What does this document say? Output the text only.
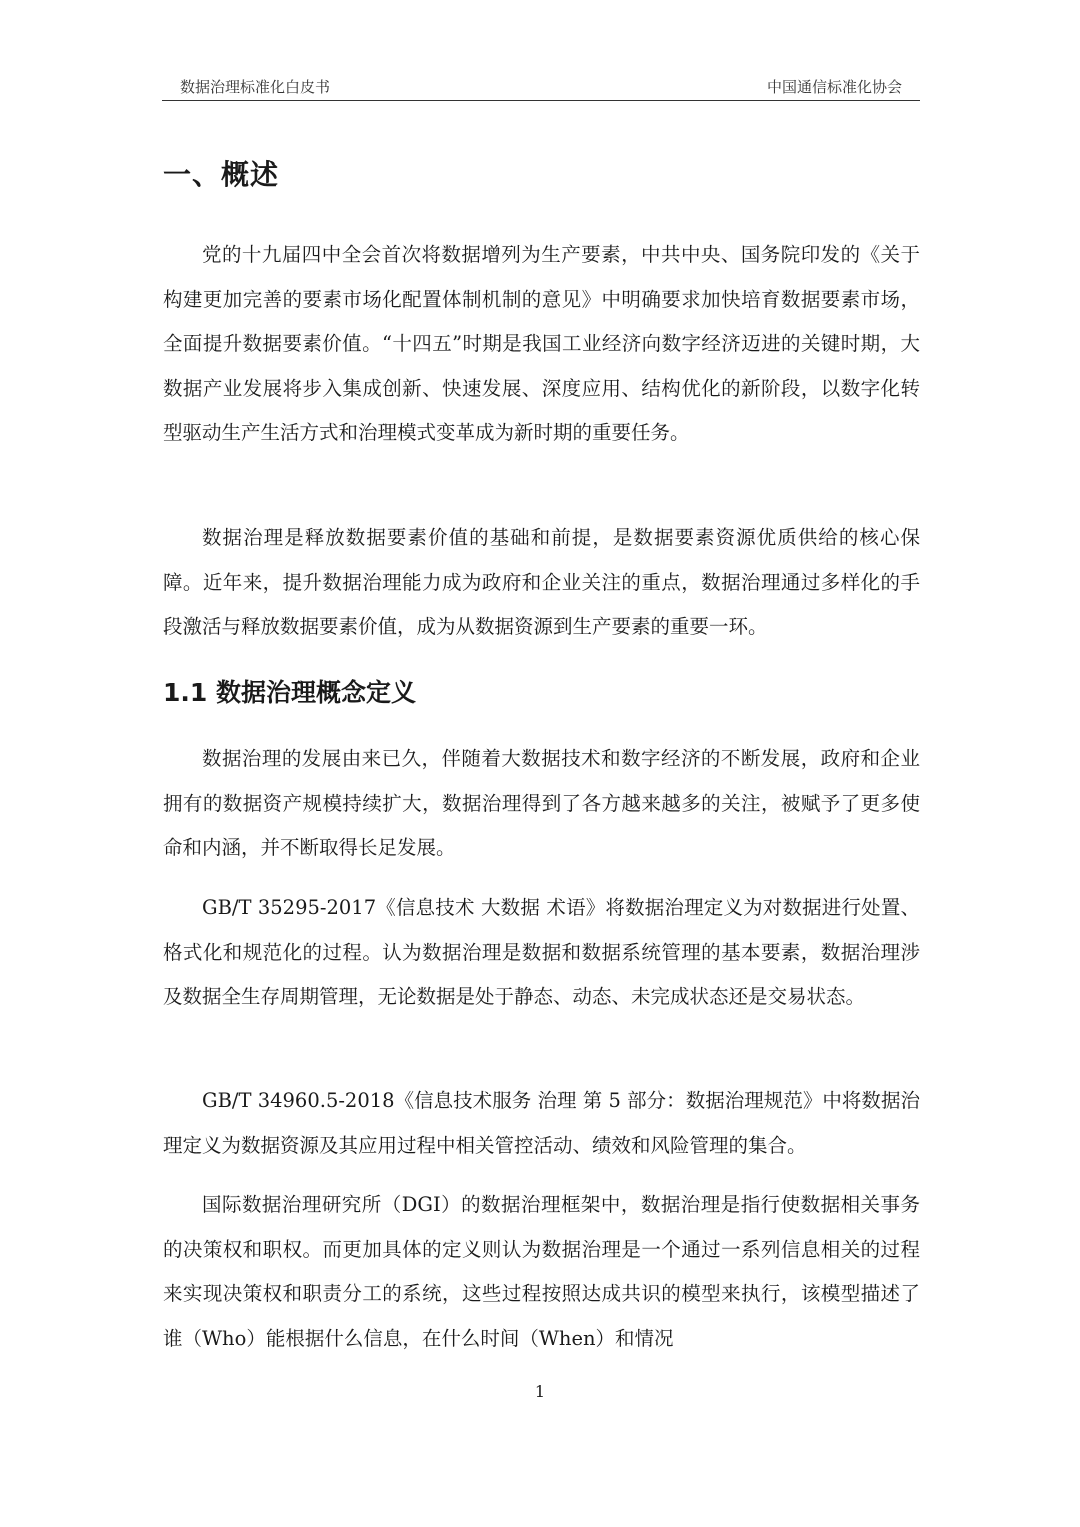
数据治理标准化白皮书	中国通信标准化协会
一、概述

党的十九届四中全会首次将数据增列为生产要素，中共中央、国务院印发的《关于构建更加完善的要素市场化配置体制机制的意见》中明确要求加快培育数据要素市场，全面提升数据要素价值。“十四五”时期是我国工业经济向数字经济迈进的关键时期，大数据产业发展将步入集成创新、快速发展、深度应用、结构优化的新阶段，以数字化转型驱动生产生活方式和治理模式变革成为新时期的重要任务。

数据治理是释放数据要素价值的基础和前提，是数据要素资源优质供给的核心保障。近年来，提升数据治理能力成为政府和企业关注的重点，数据治理通过多样化的手段激活与释放数据要素价值，成为从数据资源到生产要素的重要一环。

1.1 数据治理概念定义

数据治理的发展由来已久，伴随着大数据技术和数字经济的不断发展，政府和企业拥有的数据资产规模持续扩大，数据治理得到了各方越来越多的关注，被赋予了更多使命和内涵，并不断取得长足发展。

GB/T 35295-2017《信息技术 大数据 术语》将数据治理定义为对数据进行处置、格式化和规范化的过程。认为数据治理是数据和数据系统管理的基本要素，数据治理涉及数据全生存周期管理，无论数据是处于静态、动态、未完成状态还是交易状态。

GB/T 34960.5-2018《信息技术服务 治理 第 5 部分：数据治理规范》中将数据治理定义为数据资源及其应用过程中相关管控活动、绩效和风险管理的集合。

国际数据治理研究所（DGI）的数据治理框架中，数据治理是指行使数据相关事务的决策权和职权。而更加具体的定义则认为数据治理是一个通过一系列信息相关的过程来实现决策权和职责分工的系统，这些过程按照达成共识的模型来执行，该模型描述了谁（Who）能根据什么信息，在什么时间（When）和情况

1
